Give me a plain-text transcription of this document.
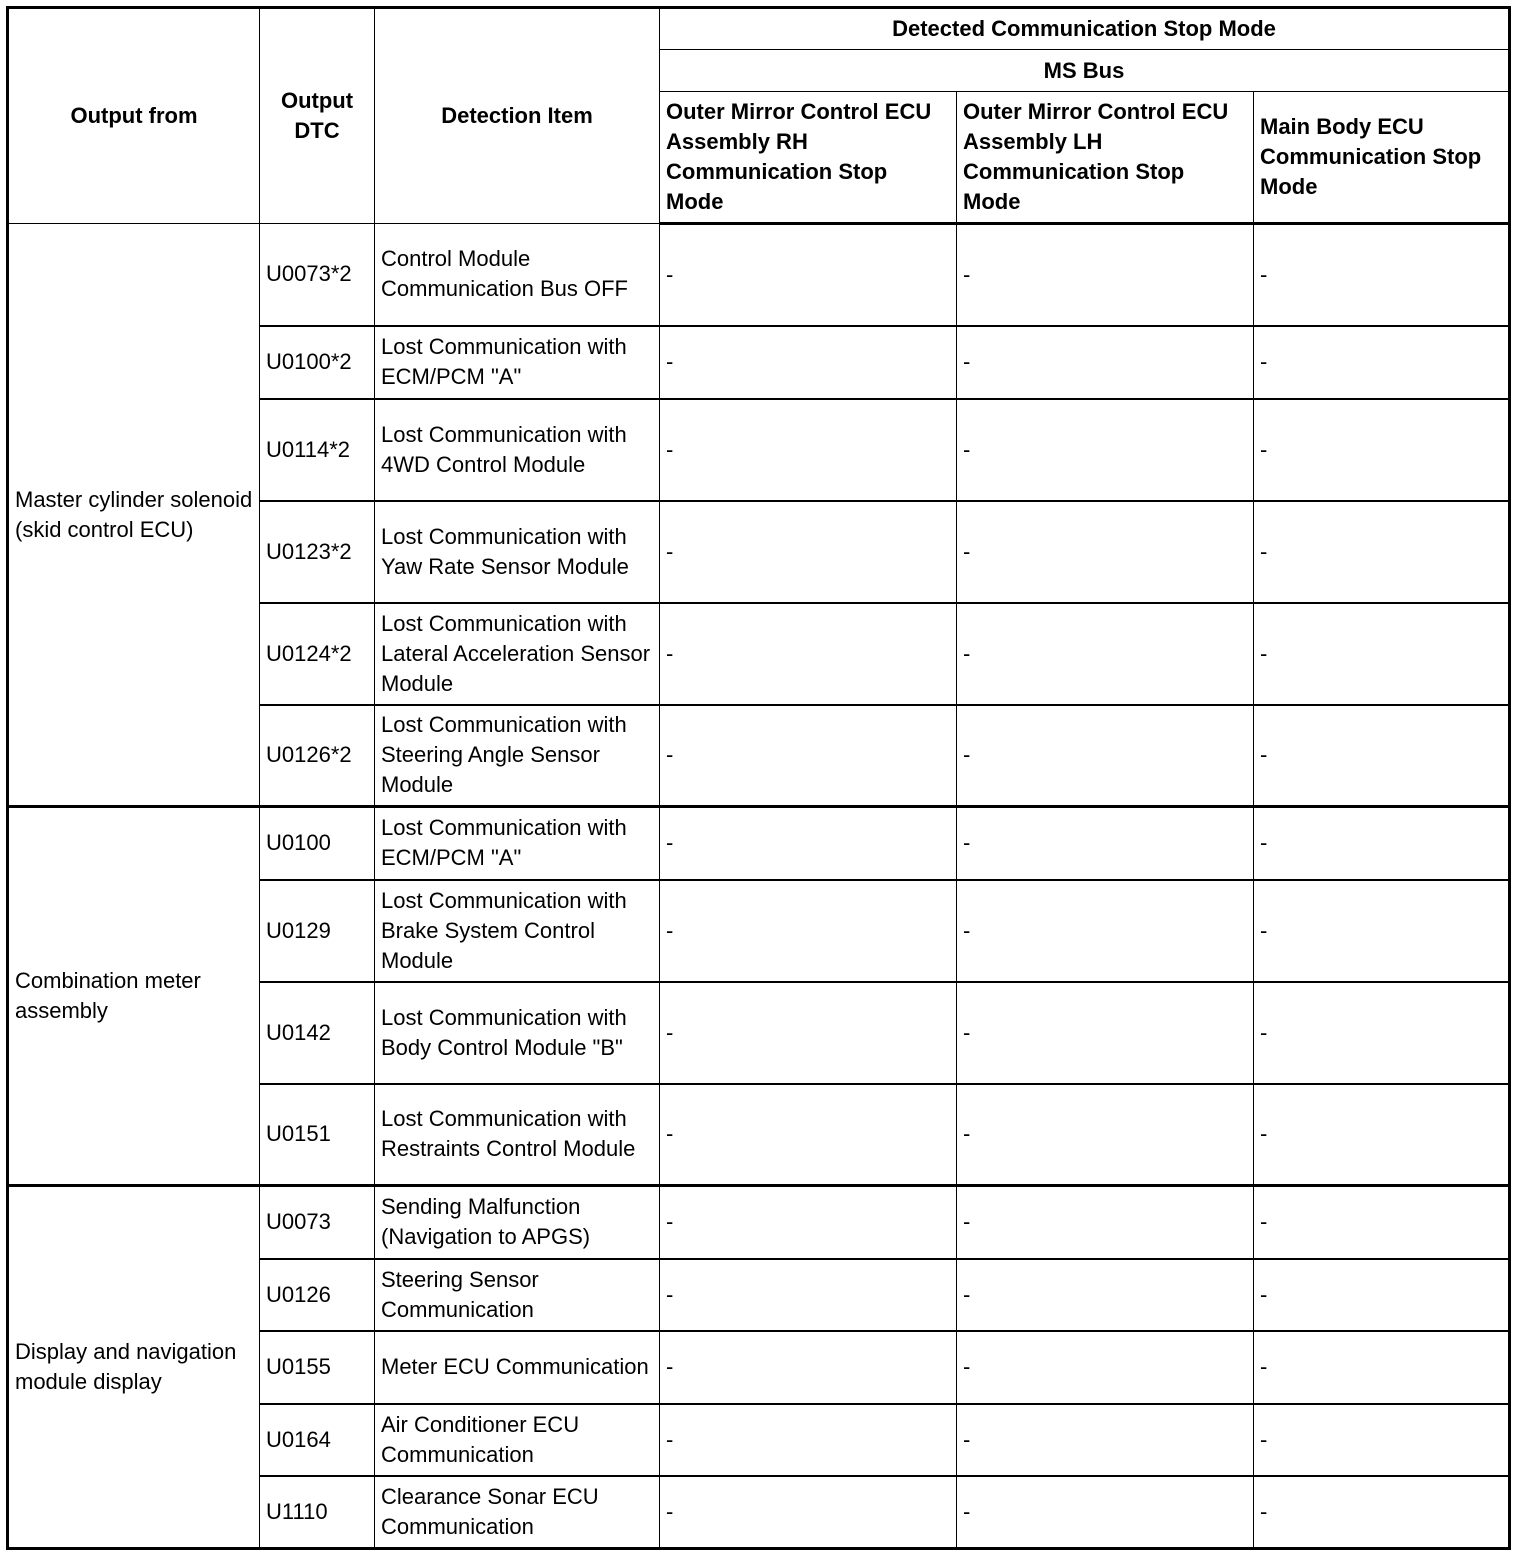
Output from	Output DTC	Detection Item	Detected Communication Stop Mode		
			MS Bus		
			Outer Mirror Control ECU Assembly RH Communication Stop Mode	Outer Mirror Control ECU Assembly LH Communication Stop Mode	Main Body ECU Communication Stop Mode
Master cylinder solenoid (skid control ECU)	U0073*2	Control Module Communication Bus OFF	-	-	-
	U0100*2	Lost Communication with ECM/PCM "A"	-	-	-
	U0114*2	Lost Communication with 4WD Control Module	-	-	-
	U0123*2	Lost Communication with Yaw Rate Sensor Module	-	-	-
	U0124*2	Lost Communication with Lateral Acceleration Sensor Module	-	-	-
	U0126*2	Lost Communication with Steering Angle Sensor Module	-	-	-
Combination meter assembly	U0100	Lost Communication with ECM/PCM "A"	-	-	-
	U0129	Lost Communication with Brake System Control Module	-	-	-
	U0142	Lost Communication with Body Control Module "B"	-	-	-
	U0151	Lost Communication with Restraints Control Module	-	-	-
Display and navigation module display	U0073	Sending Malfunction (Navigation to APGS)	-	-	-
	U0126	Steering Sensor Communication	-	-	-
	U0155	Meter ECU Communication	-	-	-
	U0164	Air Conditioner ECU Communication	-	-	-
	U1110	Clearance Sonar ECU Communication	-	-	-
